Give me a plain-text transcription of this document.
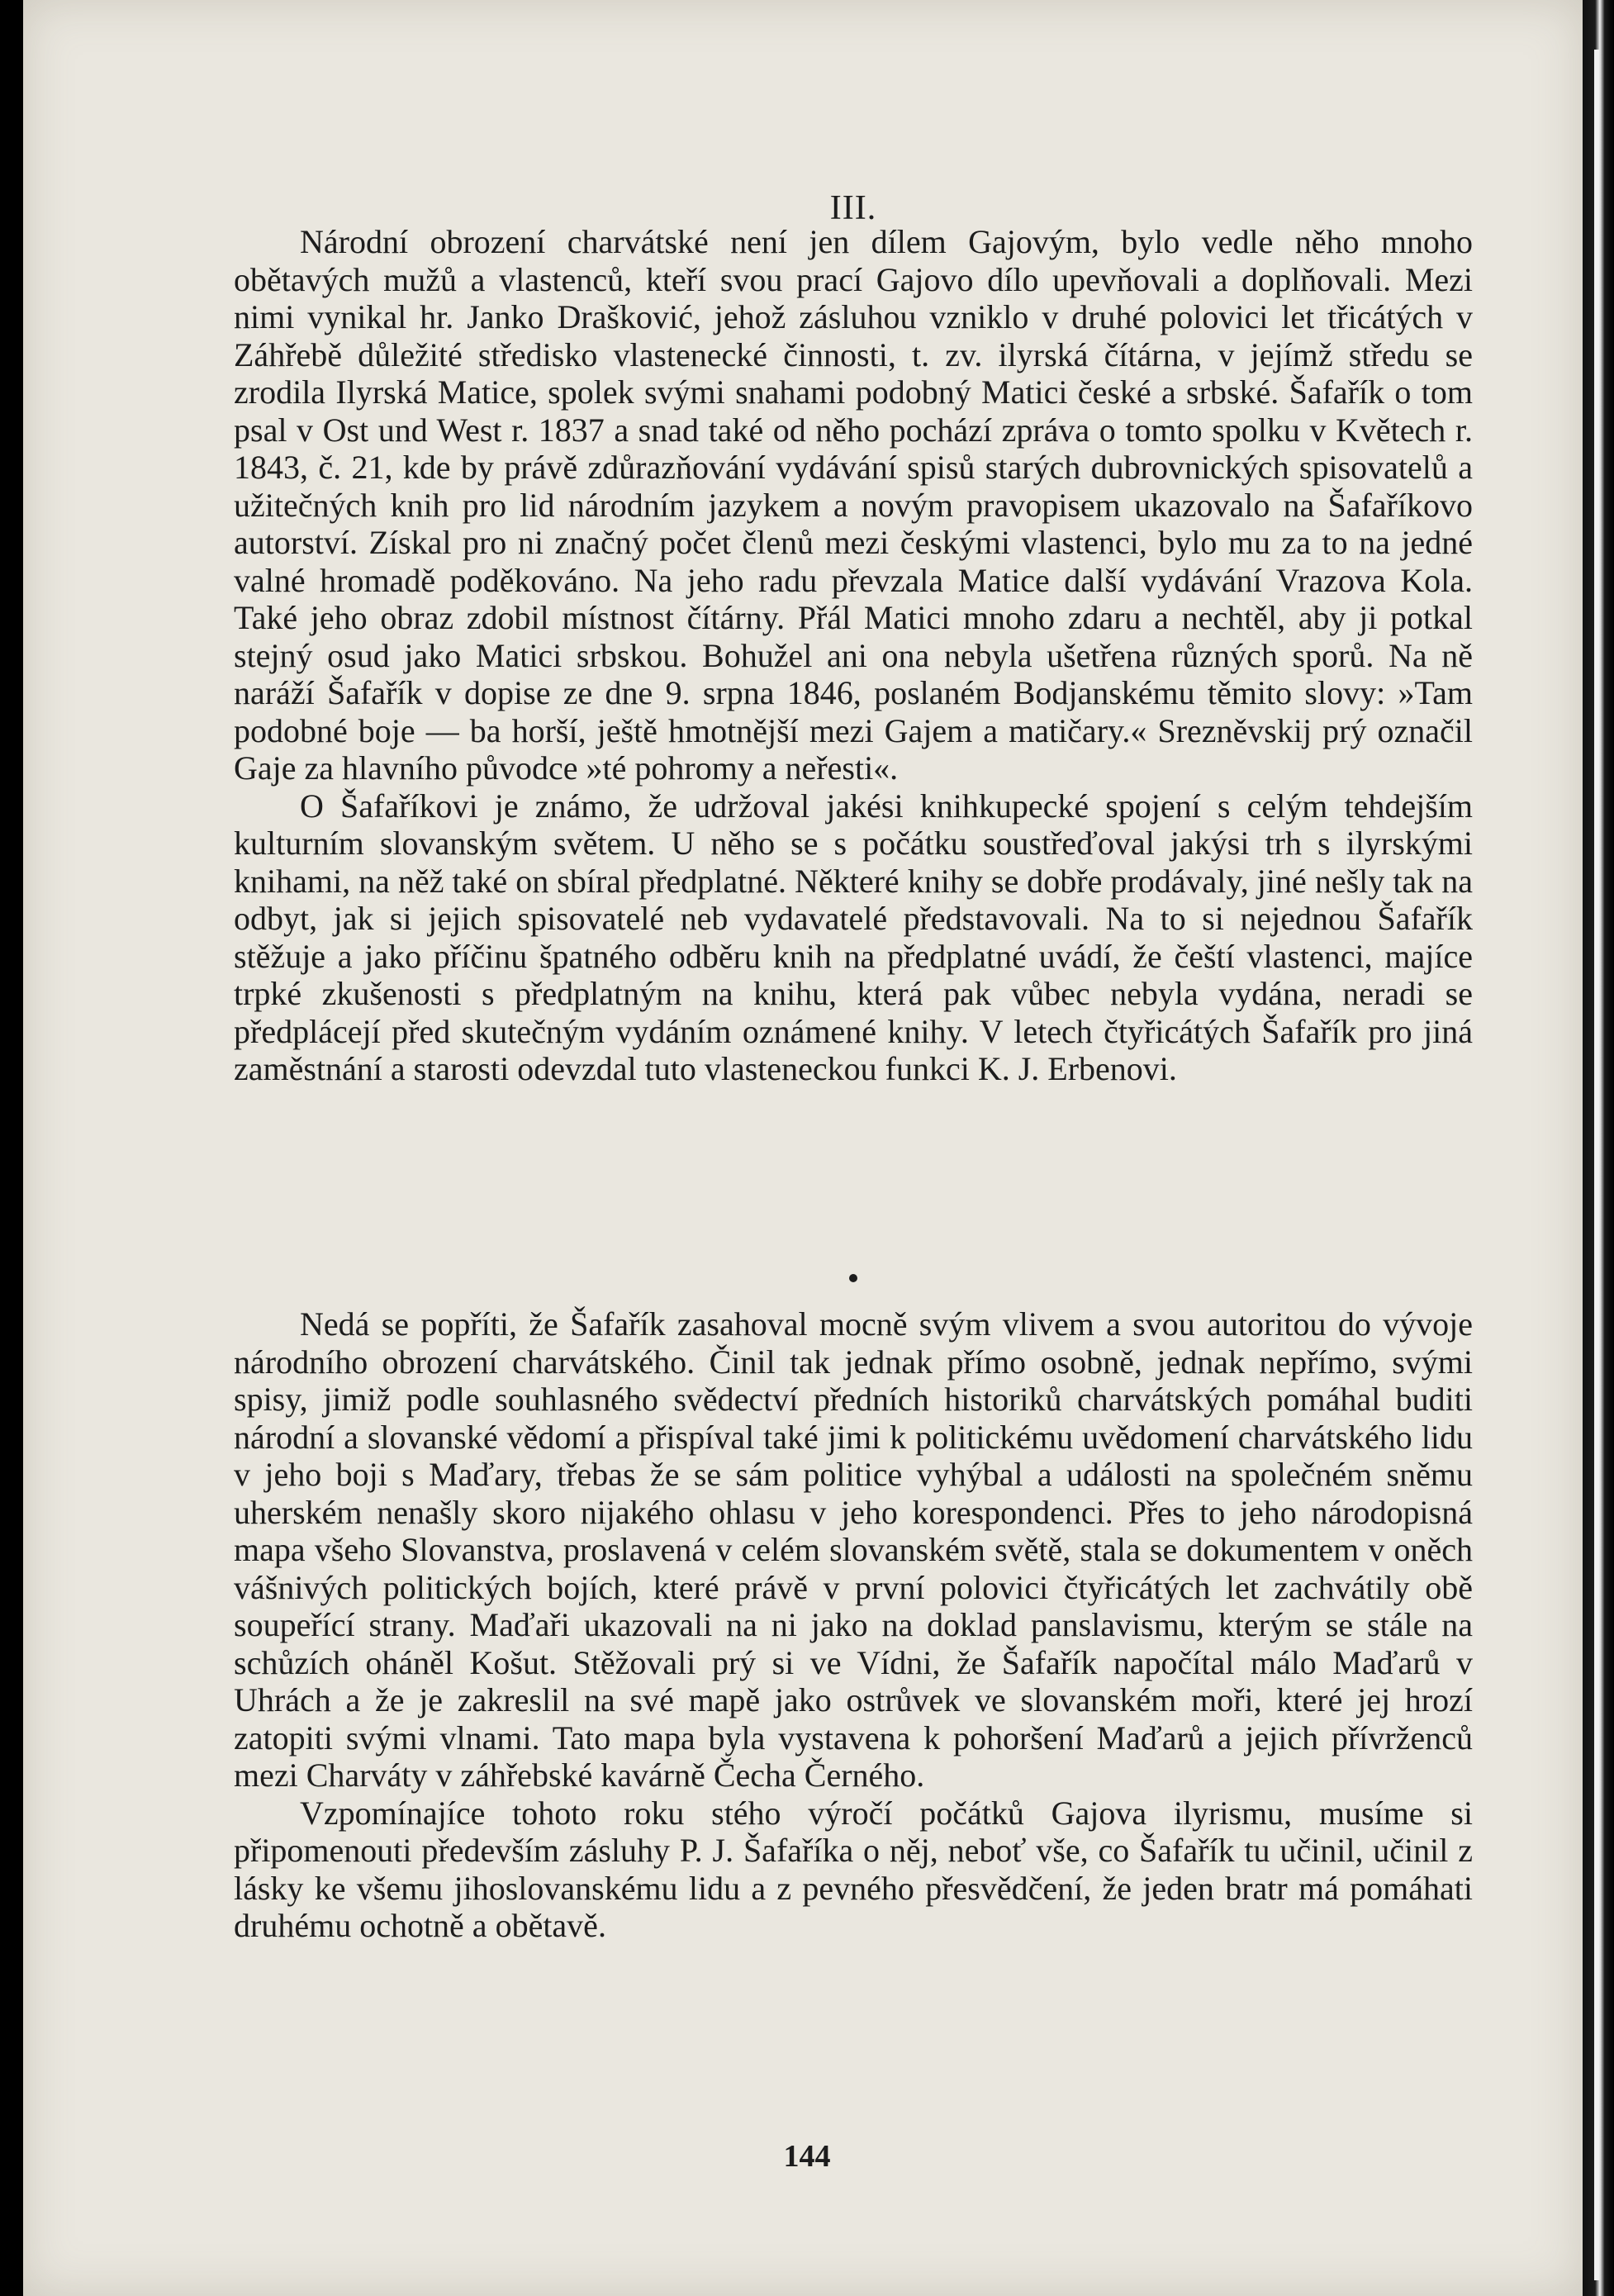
III.

Národní obrození charvátské není jen dílem Gajovým, bylo vedle něho mnoho obětavých mužů a vlastenců, kteří svou prací Gajovo dílo upevňovali a doplňovali. Mezi nimi vynikal hr. Janko Drašković, jehož zásluhou vzniklo v druhé polovici let třicátých v Záhřebě důležité středisko vlastenecké činnosti, t. zv. ilyrská čítárna, v jejímž středu se zrodila Ilyrská Matice, spolek svými snahami podobný Matici české a srbské. Šafařík o tom psal v Ost und West r. 1837 a snad také od něho pochází zpráva o tomto spolku v Květech r. 1843, č. 21, kde by právě zdůrazňování vydávání spisů starých dubrovnických spisovatelů a užitečných knih pro lid národním jazykem a novým pravopisem ukazovalo na Šafaříkovo autorství. Získal pro ni značný počet členů mezi českými vlastenci, bylo mu za to na jedné valné hromadě poděkováno. Na jeho radu převzala Matice další vydávání Vrazova Kola. Také jeho obraz zdobil místnost čítárny. Přál Matici mnoho zdaru a nechtěl, aby ji potkal stejný osud jako Matici srbskou. Bohužel ani ona nebyla ušetřena různých sporů. Na ně naráží Šafařík v dopise ze dne 9. srpna 1846, poslaném Bodjanskému těmito slovy: »Tam podobné boje — ba horší, ještě hmotnější mezi Gajem a matičary.« Srezněvskij prý označil Gaje za hlavního původce »té pohromy a neřesti«.

O Šafaříkovi je známo, že udržoval jakési knihkupecké spojení s celým tehdejším kulturním slovanským světem. U něho se s počátku soustřeďoval jakýsi trh s ilyrskými knihami, na něž také on sbíral předplatné. Některé knihy se dobře prodávaly, jiné nešly tak na odbyt, jak si jejich spisovatelé neb vydavatelé představovali. Na to si nejednou Šafařík stěžuje a jako příčinu špatného odběru knih na předplatné uvádí, že čeští vlastenci, majíce trpké zkušenosti s předplatným na knihu, která pak vůbec nebyla vydána, neradi se předplácejí před skutečným vydáním oznámené knihy. V letech čtyřicátých Šafařík pro jiná zaměstnání a starosti odevzdal tuto vlasteneckou funkci K. J. Erbenovi.

Nedá se popříti, že Šafařík zasahoval mocně svým vlivem a svou autoritou do vývoje národního obrození charvátského. Činil tak jednak přímo osobně, jednak nepřímo, svými spisy, jimiž podle souhlasného svědectví předních historiků charvátských pomáhal buditi národní a slovanské vědomí a přispíval také jimi k politickému uvědomení charvátského lidu v jeho boji s Maďary, třebas že se sám politice vyhýbal a události na společném sněmu uherském nenašly skoro nijakého ohlasu v jeho korespondenci. Přes to jeho národopisná mapa všeho Slovanstva, proslavená v celém slovanském světě, stala se dokumentem v oněch vášnivých politických bojích, které právě v první polovici čtyřicátých let zachvátily obě soupeřící strany. Maďaři ukazovali na ni jako na doklad panslavismu, kterým se stále na schůzích oháněl Košut. Stěžovali prý si ve Vídni, že Šafařík napočítal málo Maďarů v Uhrách a že je zakreslil na své mapě jako ostrůvek ve slovanském moři, které jej hrozí zatopiti svými vlnami. Tato mapa byla vystavena k pohoršení Maďarů a jejich přívrženců mezi Charváty v záhřebské kavárně Čecha Černého.

Vzpomínajíce tohoto roku stého výročí počátků Gajova ilyrismu, musíme si připomenouti především zásluhy P. J. Šafaříka o něj, neboť vše, co Šafařík tu učinil, učinil z lásky ke všemu jihoslovanskému lidu a z pevného přesvědčení, že jeden bratr má pomáhati druhému ochotně a obětavě.

144
